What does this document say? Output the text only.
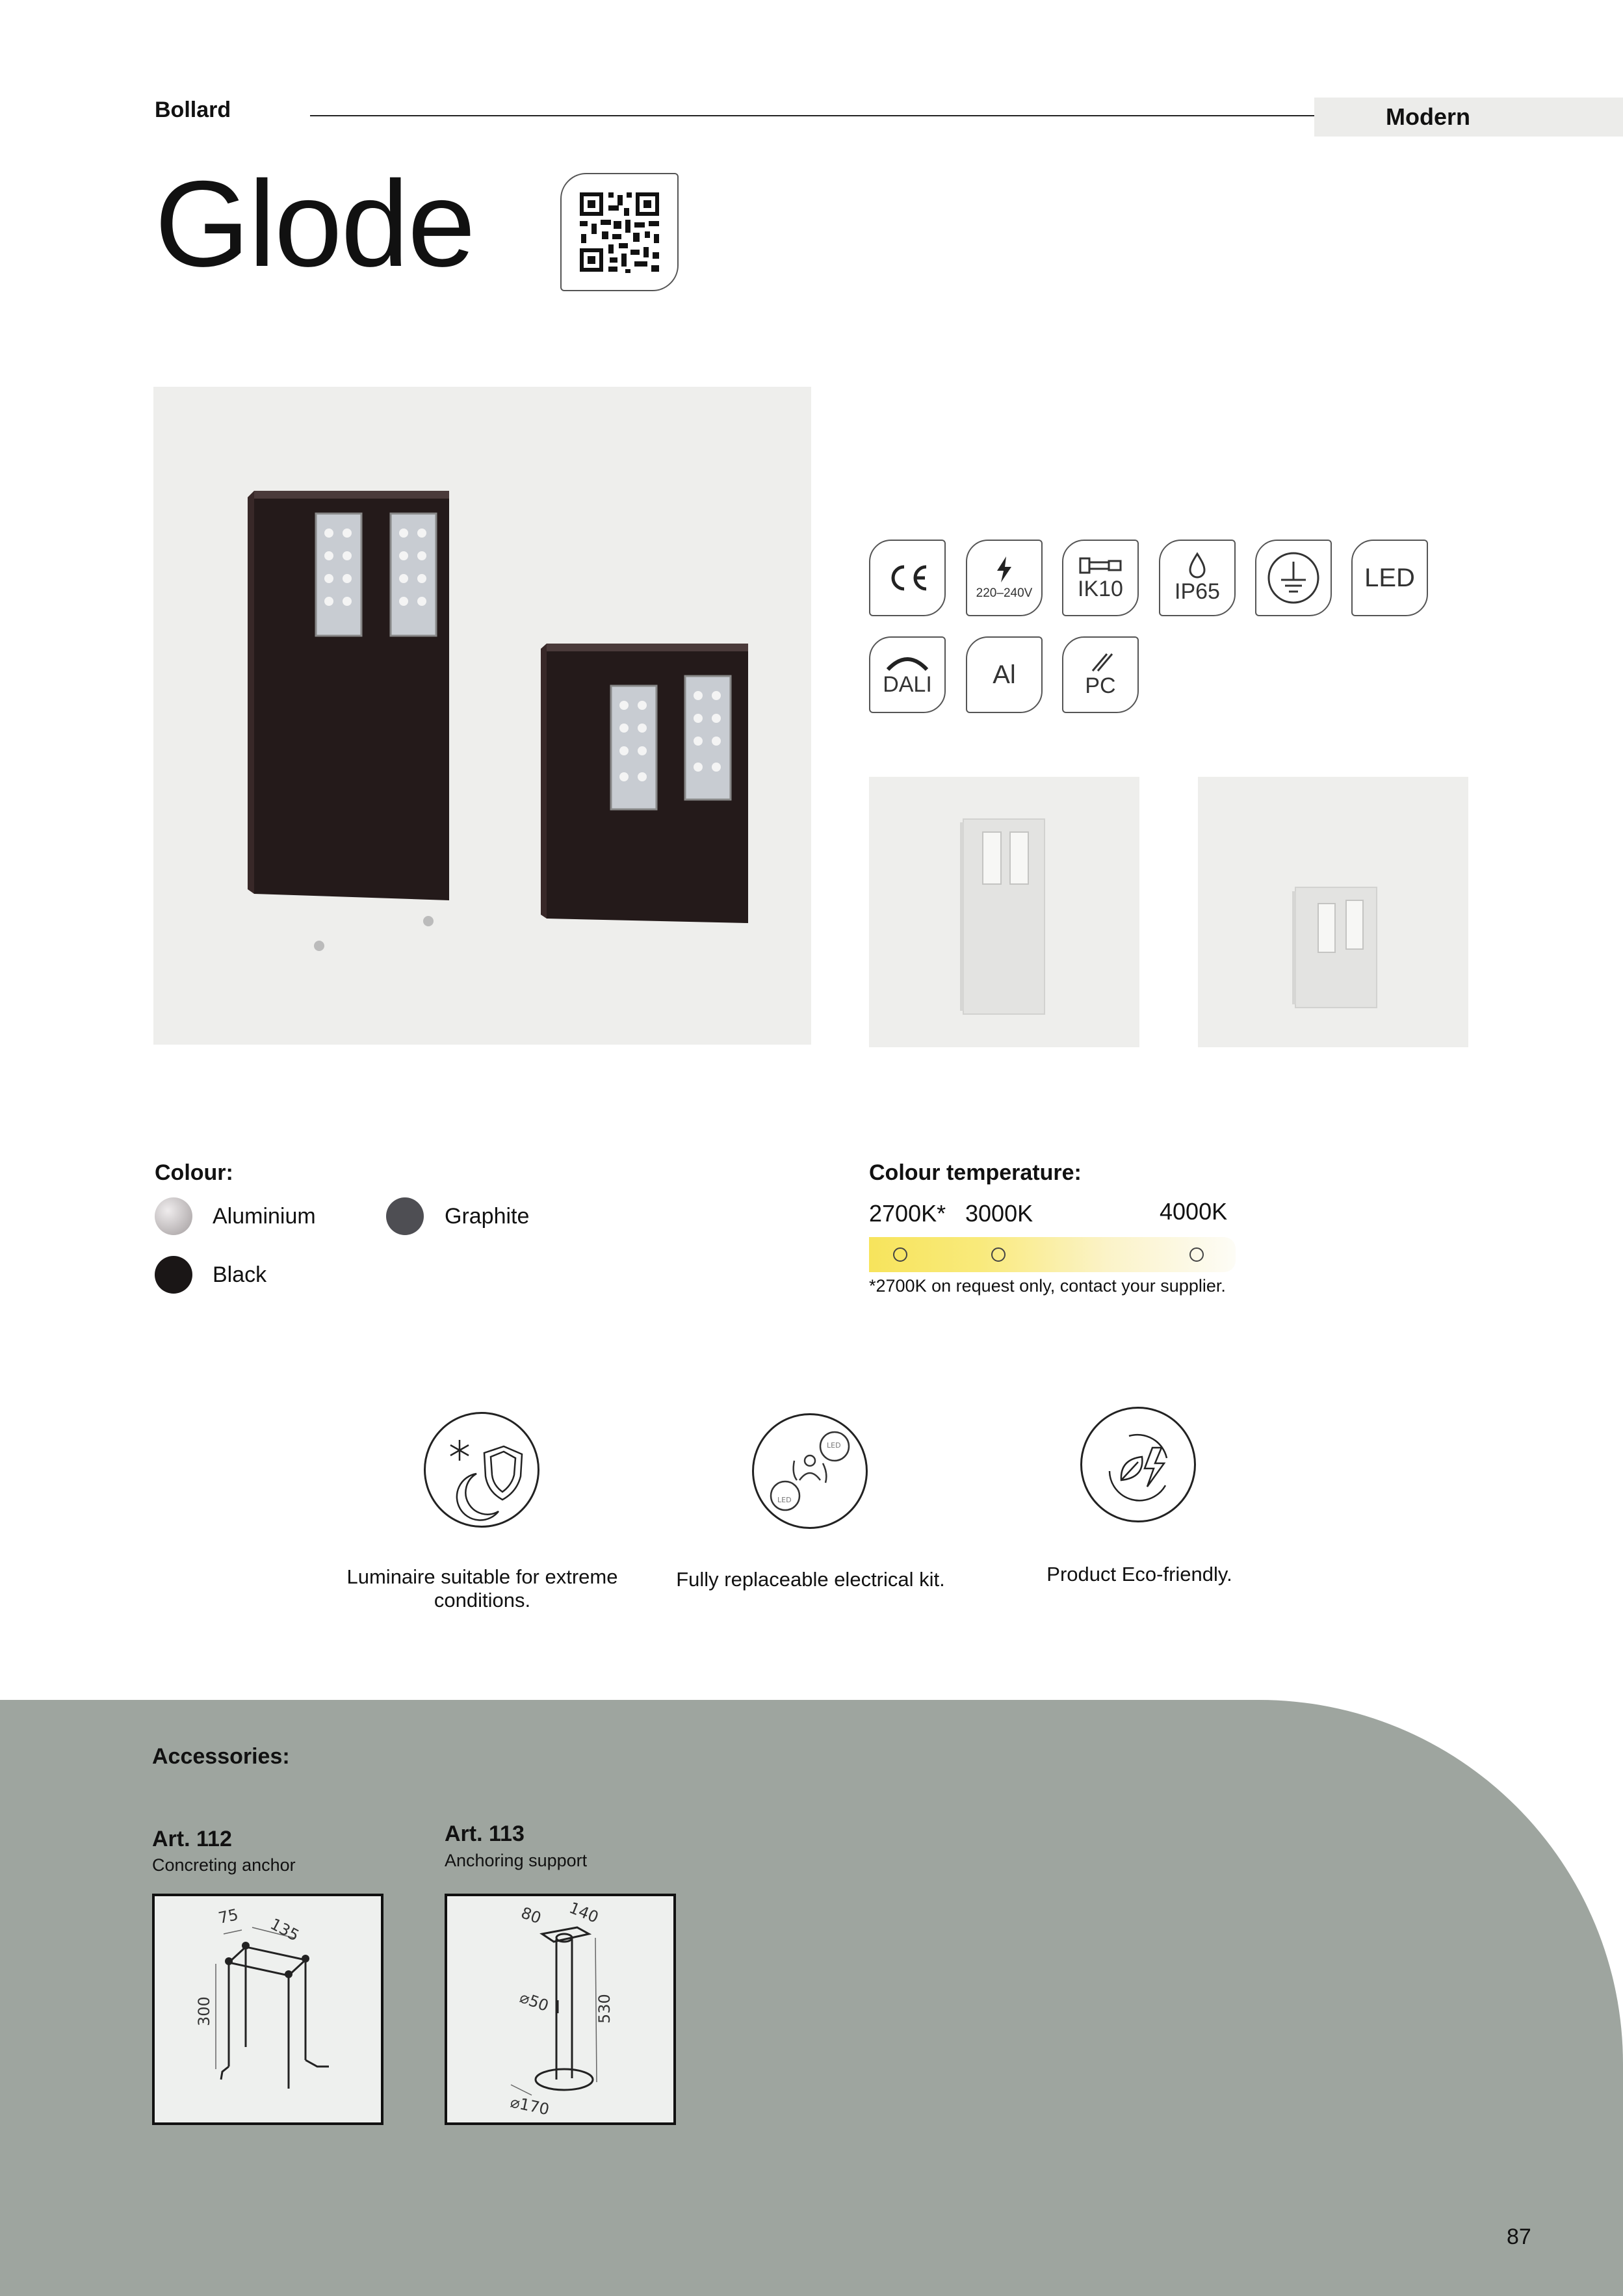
Bollard	Modern
Glode
220–240V IK10 IP65	LED
DALI Al	PC
Colour:
Aluminium	Graphite
Black
Colour temperature:
2700K* 3000K	4000K
*2700K on request only, contact your supplier.
Luminaire suitable for extreme conditions.
LED
LED
Fully replaceable electrical kit.	Product Eco-friendly.
Accessories:
Art. 112
Concreting anchor
75 135
300
Art. 113
Anchoring support
80 140
⌀50	530
⌀170
87
